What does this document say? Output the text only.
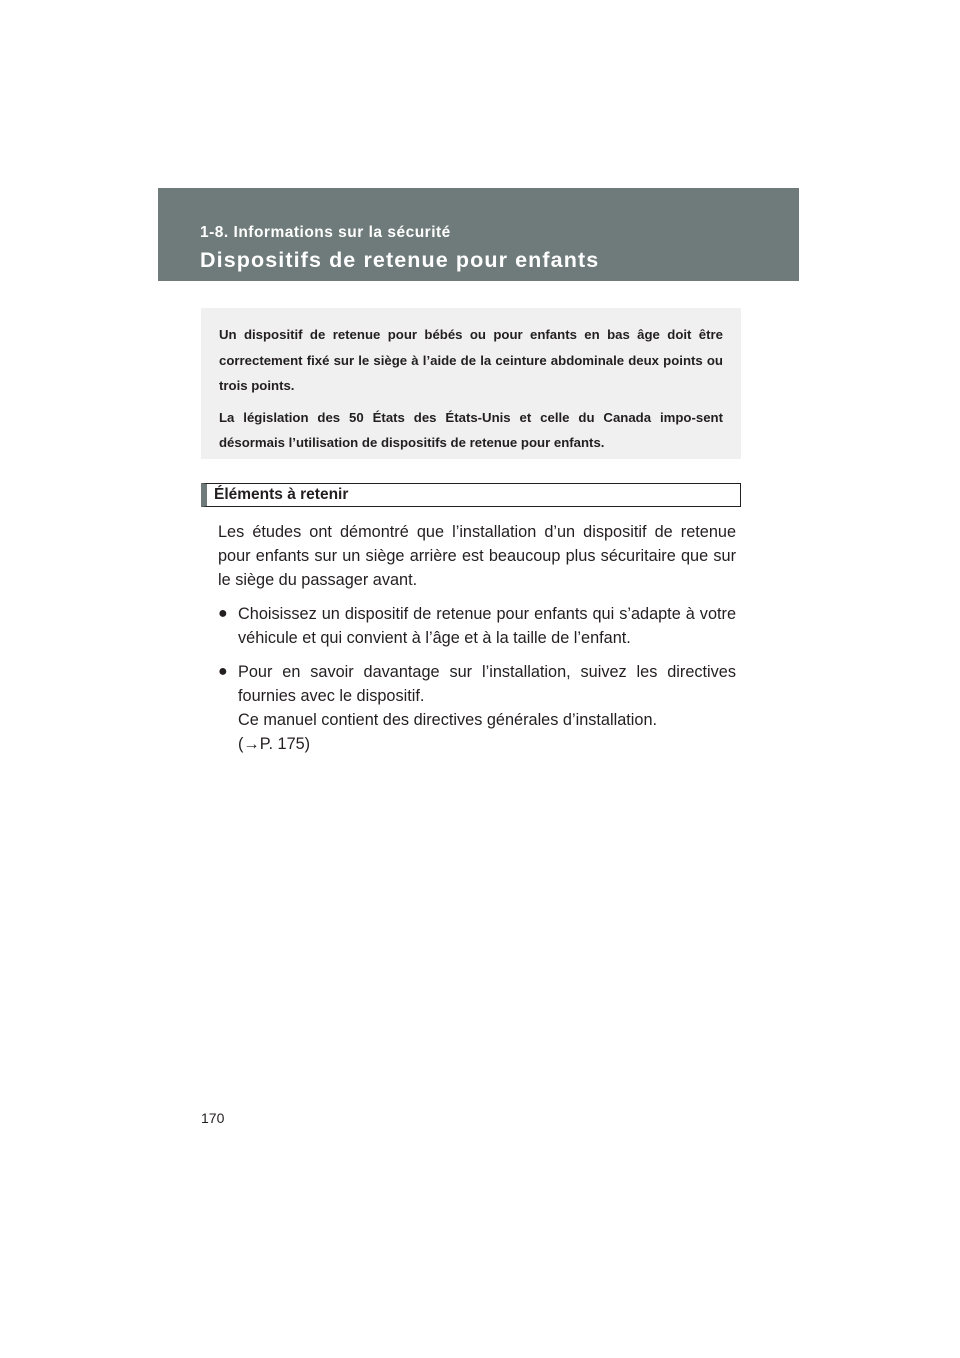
1-8. Informations sur la sécurité
Dispositifs de retenue pour enfants

Un dispositif de retenue pour bébés ou pour enfants en bas âge doit être correctement fixé sur le siège à l’aide de la ceinture abdominale deux points ou trois points.

La législation des 50 États des États-Unis et celle du Canada impo-sent désormais l’utilisation de dispositifs de retenue pour enfants.

Éléments à retenir

Les études ont démontré que l’installation d’un dispositif de retenue pour enfants sur un siège arrière est beaucoup plus sécuritaire que sur le siège du passager avant.

● Choisissez un dispositif de retenue pour enfants qui s’adapte à votre véhicule et qui convient à l’âge et à la taille de l’enfant.

● Pour en savoir davantage sur l’installation, suivez les directives fournies avec le dispositif.

Ce manuel contient des directives générales d’installation.
(→P. 175)
170
